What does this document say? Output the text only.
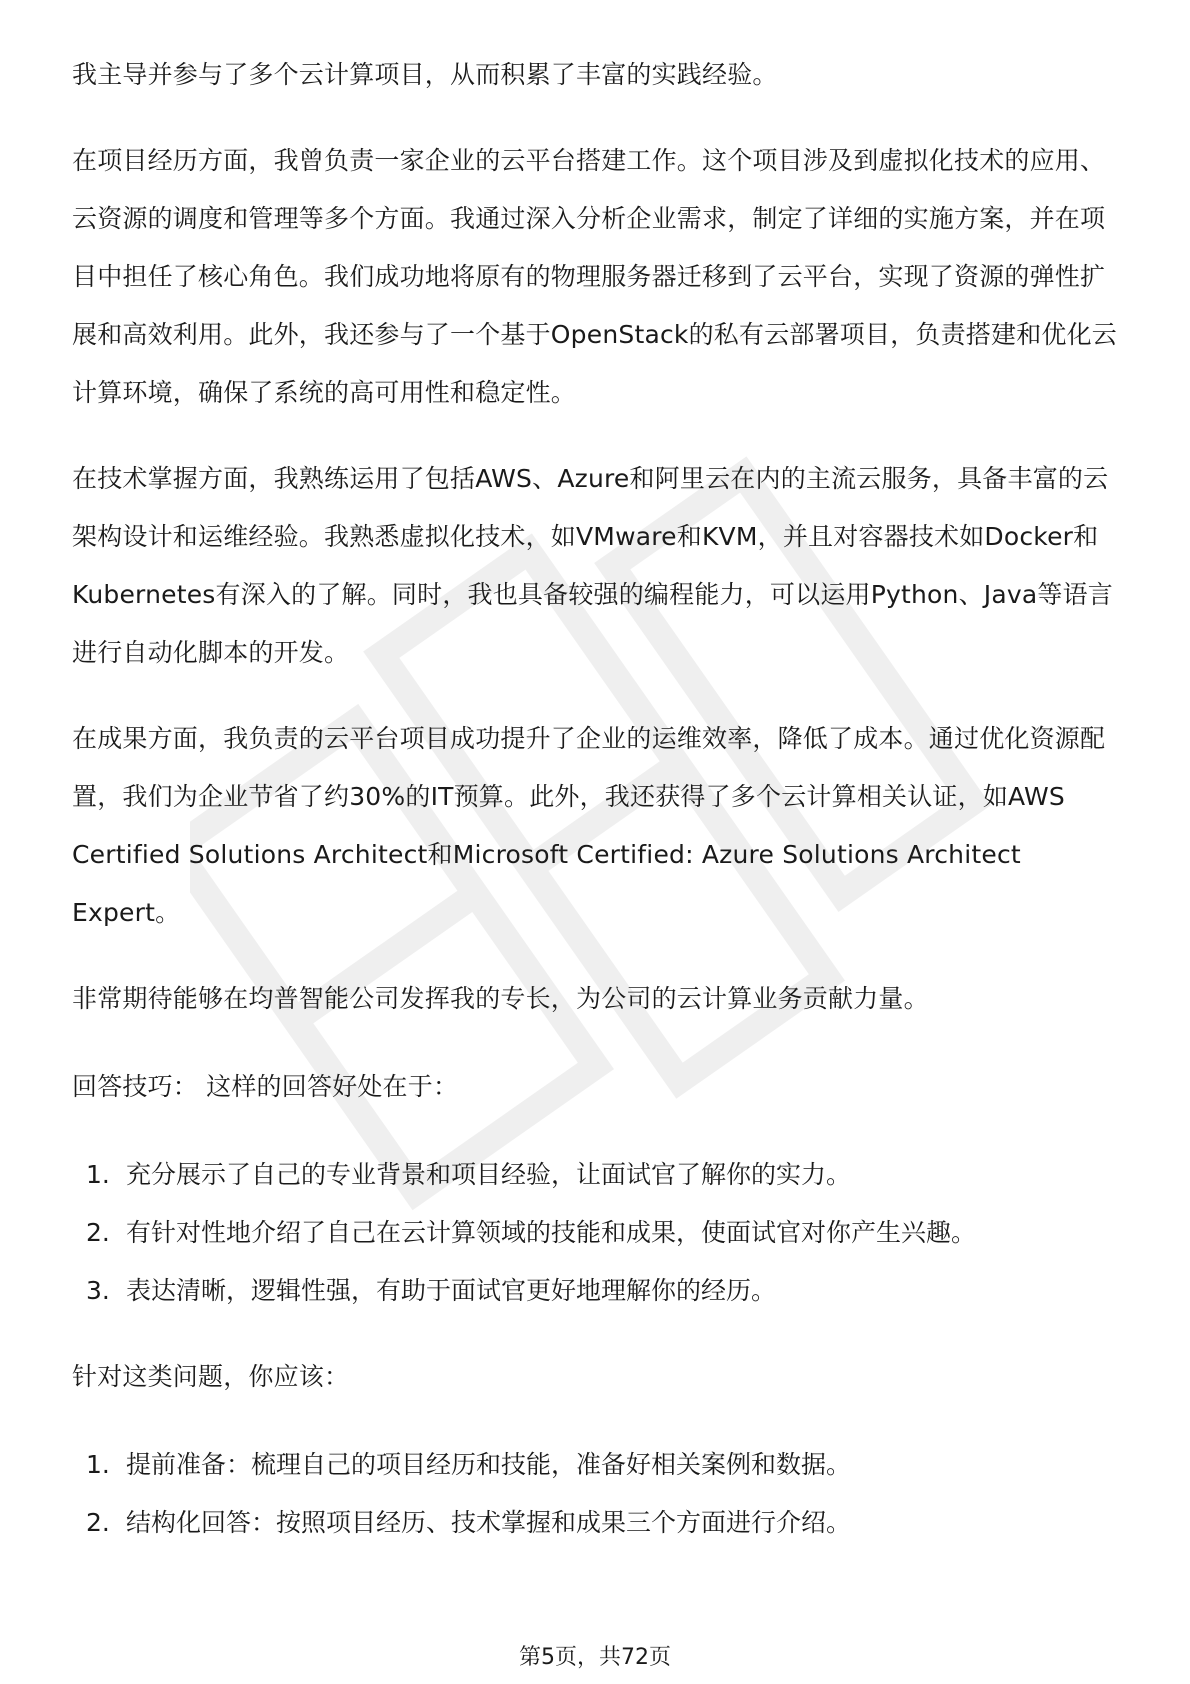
我主导并参与了多个云计算项目，从而积累了丰富的实践经验。

在项目经历方面，我曾负责一家企业的云平台搭建工作。这个项目涉及到虚拟化技术的应用、云资源的调度和管理等多个方面。我通过深入分析企业需求，制定了详细的实施方案，并在项目中担任了核心角色。我们成功地将原有的物理服务器迁移到了云平台，实现了资源的弹性扩展和高效利用。此外，我还参与了一个基于OpenStack的私有云部署项目，负责搭建和优化云计算环境，确保了系统的高可用性和稳定性。

在技术掌握方面，我熟练运用了包括AWS、Azure和阿里云在内的主流云服务，具备丰富的云架构设计和运维经验。我熟悉虚拟化技术，如VMware和KVM，并且对容器技术如Docker和Kubernetes有深入的了解。同时，我也具备较强的编程能力，可以运用Python、Java等语言进行自动化脚本的开发。

在成果方面，我负责的云平台项目成功提升了企业的运维效率，降低了成本。通过优化资源配置，我们为企业节省了约30%的IT预算。此外，我还获得了多个云计算相关认证，如AWS Certified Solutions Architect和Microsoft Certified: Azure Solutions Architect Expert。

非常期待能够在均普智能公司发挥我的专长，为公司的云计算业务贡献力量。

回答技巧： 这样的回答好处在于：

1. 充分展示了自己的专业背景和项目经验，让面试官了解你的实力。
2. 有针对性地介绍了自己在云计算领域的技能和成果，使面试官对你产生兴趣。
3. 表达清晰，逻辑性强，有助于面试官更好地理解你的经历。

针对这类问题，你应该：

1. 提前准备：梳理自己的项目经历和技能，准备好相关案例和数据。
2. 结构化回答：按照项目经历、技术掌握和成果三个方面进行介绍。
第5页，共72页
